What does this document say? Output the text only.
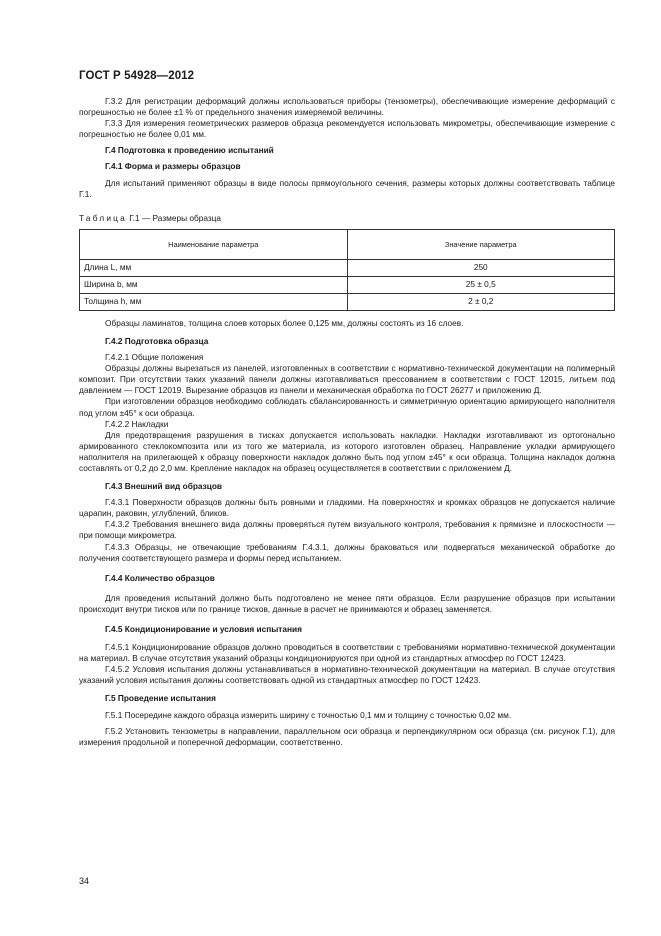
ГОСТ Р 54928—2012

Г.3.2 Для регистрации деформаций должны использоваться приборы (тензометры), обеспечивающие измерение деформаций с погрешностью не более ±1 % от предельного значения измеряемой величины.

Г.3.3 Для измерения геометрических размеров образца рекомендуется использовать микрометры, обеспечивающие измерение с погрешностью не более 0,01 мм.

Г.4 Подготовка к проведению испытаний

Г.4.1 Форма и размеры образцов

Для испытаний применяют образцы в виде полосы прямоугольного сечения, размеры которых должны соответствовать таблице Г.1.

Таблица Г.1 — Размеры образца

Наименование параметра	Значение параметра
Длина L, мм	250
Ширина b, мм	25 ± 0,5
Толщина h, мм	2 ± 0,2

Образцы ламинатов, толщина слоев которых более 0,125 мм, должны состоять из 16 слоев.

Г.4.2 Подготовка образца

Г.4.2.1 Общие положения

Образцы должны вырезаться из панелей, изготовленных в соответствии с нормативно-технической документации на полимерный композит. При отсутствии таких указаний панели должны изготавливаться прессованием в соответствии с ГОСТ 12015, литьем под давлением — ГОСТ 12019. Вырезание образцов из панели и механическая обработка по ГОСТ 26277 и приложению Д.

При изготовлении образцов необходимо соблюдать сбалансированность и симметричную ориентацию армирующего наполнителя под углом ±45° к оси образца.

Г.4.2.2 Накладки

Для предотвращения разрушения в тисках допускается использовать накладки. Накладки изготавливают из ортогонально армированного стеклокомпозита или из того же материала, из которого изготовлен образец. Направление укладки армирующего наполнителя на прилегающей к образцу поверхности накладок должно быть под углом ±45° к оси образца. Толщина накладок должна составлять от 0,2 до 2,0 мм. Крепление накладок на образец осуществляется в соответствии с приложением Д.

Г.4.3 Внешний вид образцов

Г.4.3.1 Поверхности образцов должны быть ровными и гладкими. На поверхностях и кромках образцов не допускается наличие царапин, раковин, углублений, бликов.

Г.4.3.2 Требования внешнего вида должны проверяться путем визуального контроля, требования к прямизне и плоскостности — при помощи микрометра.

Г.4.3.3 Образцы, не отвечающие требованиям Г.4.3.1, должны браковаться или подвергаться механической обработке до получения соответствующего размера и формы перед испытанием.

Г.4.4 Количество образцов

Для проведения испытаний должно быть подготовлено не менее пяти образцов. Если разрушение образцов при испытании происходит внутри тисков или по границе тисков, данные в расчет не принимаются и образец заменяется.

Г.4.5 Кондиционирование и условия испытания

Г.4.5.1 Кондиционирование образцов должно проводиться в соответствии с требованиями нормативно-технической документации на материал. В случае отсутствия указаний образцы кондиционируются при одной из стандартных атмосфер по ГОСТ 12423.

Г.4.5.2 Условия испытания должны устанавливаться в нормативно-технической документации на материал. В случае отсутствия указаний условия испытания должны соответствовать одной из стандартных атмосфер по ГОСТ 12423.

Г.5 Проведение испытания

Г.5.1 Посередине каждого образца измерить ширину с точностью 0,1 мм и толщину с точностью 0,02 мм.

Г.5.2 Установить тензометры в направлении, параллельном оси образца и перпендикулярном оси образца (см. рисунок Г.1), для измерения продольной и поперечной деформации, соответственно.

34
